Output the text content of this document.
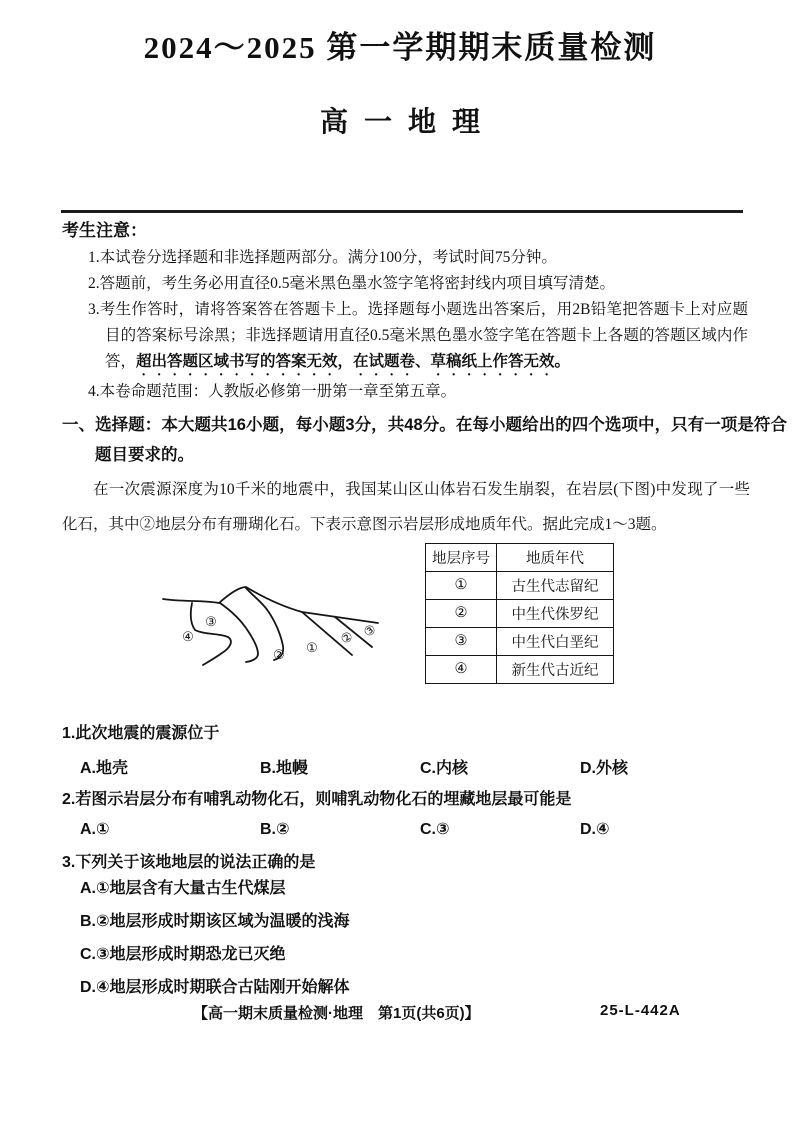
2024～2025 第一学期期末质量检测
高一地理
考生注意：
1.本试卷分选择题和非选择题两部分。满分100分，考试时间75分钟。
2.答题前，考生务必用直径0.5毫米黑色墨水签字笔将密封线内项目填写清楚。
3.考生作答时，请将答案答在答题卡上。选择题每小题选出答案后，用2B铅笔把答题卡上对应题目的答案标号涂黑；非选择题请用直径0.5毫米黑色墨水签字笔在答题卡上各题的答题区域内作答，超出答题区域书写的答案无效，在试题卷、草稿纸上作答无效。
4.本卷命题范围：人教版必修第一册第一章至第五章。
一、选择题：本大题共16小题，每小题3分，共48分。在每小题给出的四个选项中，只有一项是符合题目要求的。
在一次震源深度为10千米的地震中，我国某山区山体岩石发生崩裂，在岩层(下图)中发现了一些化石，其中②地层分布有珊瑚化石。下表示意图示岩层形成地质年代。据此完成1～3题。
③
④
② ①
② ③
地层序号	地质年代
①	古生代志留纪
②	中生代侏罗纪
③	中生代白垩纪
④	新生代古近纪
1.此次地震的震源位于
A.地壳	B.地幔	C.内核	D.外核
2.若图示岩层分布有哺乳动物化石，则哺乳动物化石的埋藏地层最可能是
A.①	B.②	C.③	D.④
3.下列关于该地地层的说法正确的是
A.①地层含有大量古生代煤层
B.②地层形成时期该区域为温暖的浅海
C.③地层形成时期恐龙已灭绝
D.④地层形成时期联合古陆刚开始解体
【高一期末质量检测·地理　第1页(共6页)】	25-L-442A
